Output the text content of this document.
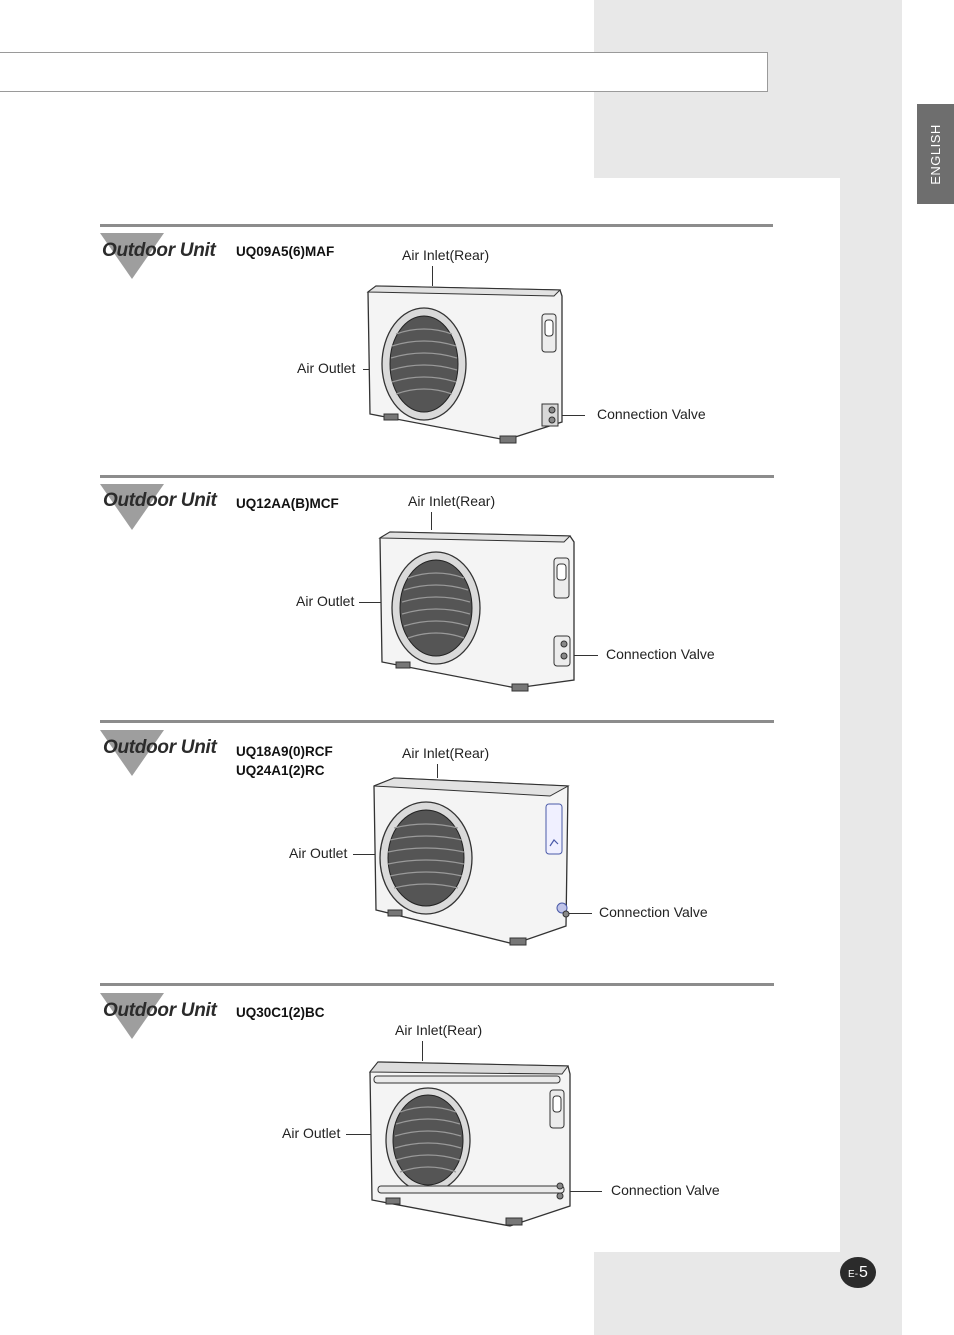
ENGLISH
Outdoor Unit UQ09A5(6)MAF	Air Inlet(Rear)
Air Outlet
Connection Valve
Outdoor Unit UQ12AA(B)MCF	Air Inlet(Rear)
Air Outlet
Connection Valve
Outdoor Unit UQ18A9(0)RCF
UQ24A1(2)RC
Air Inlet(Rear)
Air Outlet
Connection Valve
Outdoor Unit UQ30C1(2)BC
Air Inlet(Rear)
Air Outlet
Connection Valve
E- 5
